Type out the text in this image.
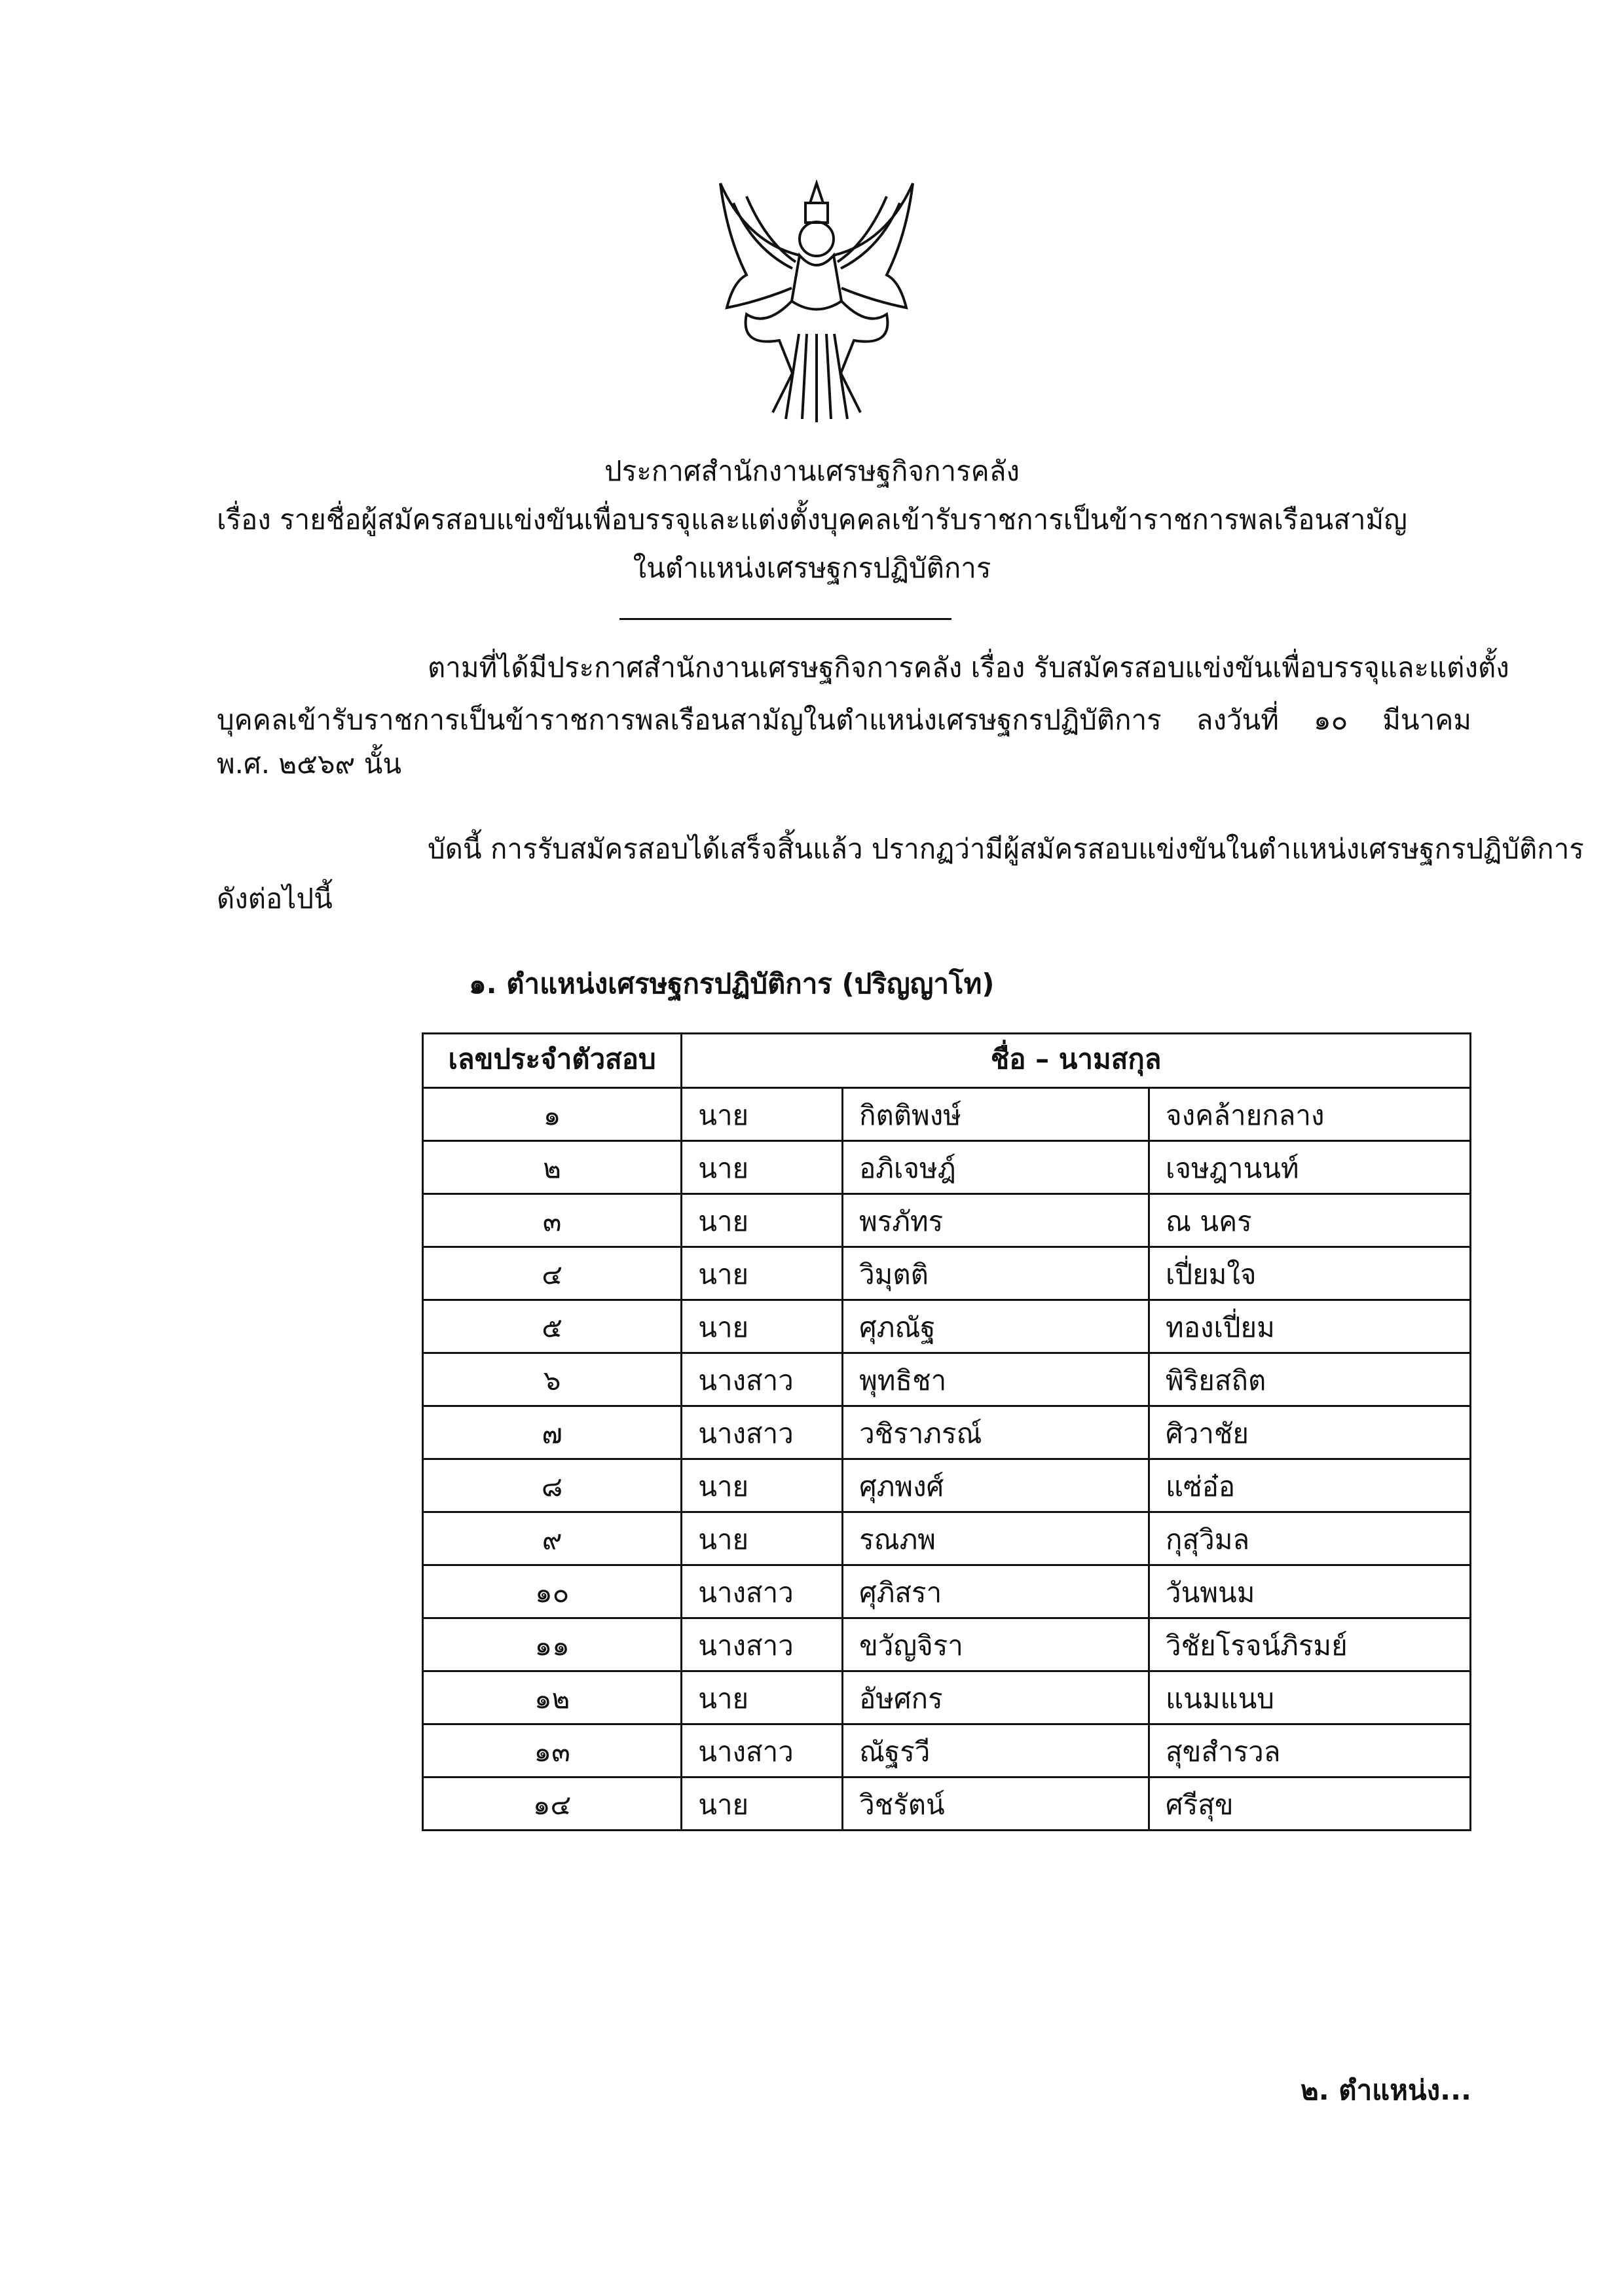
ประกาศสำนักงานเศรษฐกิจการคลัง
เรื่อง รายชื่อผู้สมัครสอบแข่งขันเพื่อบรรจุและแต่งตั้งบุคคลเข้ารับราชการเป็นข้าราชการพลเรือนสามัญ
ในตำแหน่งเศรษฐกรปฏิบัติการ
ตามที่ได้มีประกาศสำนักงานเศรษฐกิจการคลัง เรื่อง รับสมัครสอบแข่งขันเพื่อบรรจุและแต่งตั้ง
บุคคลเข้ารับราชการเป็นข้าราชการพลเรือนสามัญในตำแหน่งเศรษฐกรปฏิบัติการ ลงวันที่ ๑๐ มีนาคม
พ.ศ. ๒๕๖๙ นั้น
บัดนี้ การรับสมัครสอบได้เสร็จสิ้นแล้ว ปรากฏว่ามีผู้สมัครสอบแข่งขันในตำแหน่งเศรษฐกรปฏิบัติการ
ดังต่อไปนี้
๑. ตำแหน่งเศรษฐกรปฏิบัติการ (ปริญญาโท)
เลขประจำตัวสอบ	ชื่อ – นามสกุล		
๑	นาย	กิตติพงษ์	จงคล้ายกลาง
๒	นาย	อภิเจษฎ์	เจษฎานนท์
๓	นาย	พรภัทร	ณ นคร
๔	นาย	วิมุตติ	เปี่ยมใจ
๕	นาย	ศุภณัฐ	ทองเปี่ยม
๖	นางสาว	พุทธิชา	พิริยสถิต
๗	นางสาว	วชิราภรณ์	ศิวาชัย
๘	นาย	ศุภพงศ์	แซ่อ๋อ
๙	นาย	รณภพ	กุสุวิมล
๑๐	นางสาว	ศุภิสรา	วันพนม
๑๑	นางสาว	ขวัญจิรา	วิชัยโรจน์ภิรมย์
๑๒	นาย	อัษศกร	แนมแนบ
๑๓	นางสาว	ณัฐรวี	สุขสำรวล
๑๔	นาย	วิชรัตน์	ศรีสุข
๒. ตำแหน่ง...
